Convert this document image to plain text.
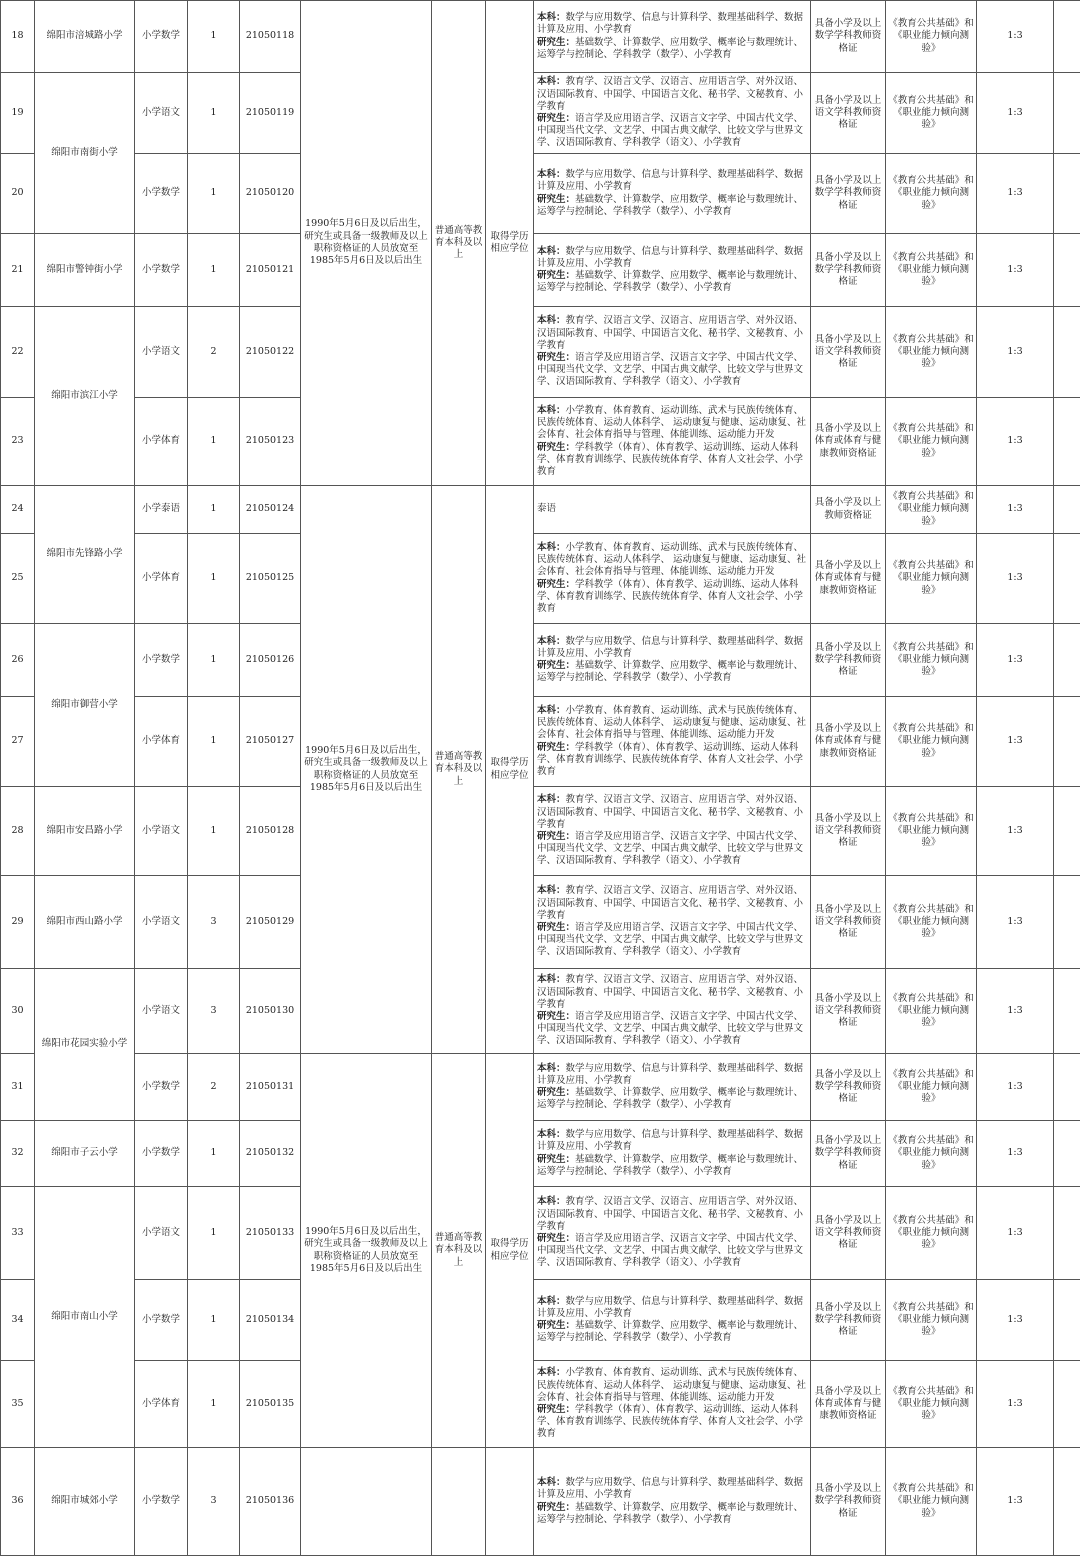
18	绵阳市涪城路小学	小学数学	1	21050118	1990年5月6日及以后出生，研究生或具备一级教师及以上职称资格证的人员放宽至1985年5月6日及以后出生	普通高等教育本科及以上	取得学历相应学位	本科：数学与应用数学、信息与计算科学、数理基础科学、数据计算及应用、小学教育
研究生：基础数学、计算数学、应用数学、概率论与数理统计、运筹学与控制论、学科教学（数学）、小学教育	具备小学及以上数学学科教师资格证	《教育公共基础》和《职业能力倾向测验》	1:3		
19	绵阳市南街小学	小学语文	1	21050119				本科：教育学、汉语言文学、汉语言、应用语言学、对外汉语、汉语国际教育、中国学、中国语言文化、秘书学、文秘教育、小学教育
研究生：语言学及应用语言学、汉语言文字学、中国古代文学、中国现当代文学、文艺学、中国古典文献学、比较文学与世界文学、汉语国际教育、学科教学（语文）、小学教育	具备小学及以上语文学科教师资格证	《教育公共基础》和《职业能力倾向测验》	1:3		
20		小学数学	1	21050120				本科：数学与应用数学、信息与计算科学、数理基础科学、数据计算及应用、小学教育
研究生：基础数学、计算数学、应用数学、概率论与数理统计、运筹学与控制论、学科教学（数学）、小学教育	具备小学及以上数学学科教师资格证	《教育公共基础》和《职业能力倾向测验》	1:3		
21	绵阳市警钟街小学	小学数学	1	21050121				本科：数学与应用数学、信息与计算科学、数理基础科学、数据计算及应用、小学教育
研究生：基础数学、计算数学、应用数学、概率论与数理统计、运筹学与控制论、学科教学（数学）、小学教育	具备小学及以上数学学科教师资格证	《教育公共基础》和《职业能力倾向测验》	1:3		
22	绵阳市滨江小学	小学语文	2	21050122				本科：教育学、汉语言文学、汉语言、应用语言学、对外汉语、汉语国际教育、中国学、中国语言文化、秘书学、文秘教育、小学教育
研究生：语言学及应用语言学、汉语言文字学、中国古代文学、中国现当代文学、文艺学、中国古典文献学、比较文学与世界文学、汉语国际教育、学科教学（语文）、小学教育	具备小学及以上语文学科教师资格证	《教育公共基础》和《职业能力倾向测验》	1:3		
23		小学体育	1	21050123				本科：小学教育、体育教育、运动训练、武术与民族传统体育、民族传统体育、运动人体科学、 运动康复与健康、运动康复、社会体育、社会体育指导与管理、体能训练、运动能力开发
研究生：学科教学（体育）、体育教学、运动训练、运动人体科学、体育教育训练学、民族传统体育学、体育人文社会学、小学教育	具备小学及以上体育或体育与健康教师资格证	《教育公共基础》和《职业能力倾向测验》	1:3		
24	绵阳市先锋路小学	小学泰语	1	21050124	1990年5月6日及以后出生，研究生或具备一级教师及以上职称资格证的人员放宽至1985年5月6日及以后出生	普通高等教育本科及以上	取得学历相应学位	泰语	具备小学及以上教师资格证	《教育公共基础》和《职业能力倾向测验》	1:3		
25		小学体育	1	21050125				本科：小学教育、体育教育、运动训练、武术与民族传统体育、民族传统体育、运动人体科学、 运动康复与健康、运动康复、社会体育、社会体育指导与管理、体能训练、运动能力开发
研究生：学科教学（体育）、体育教学、运动训练、运动人体科学、体育教育训练学、民族传统体育学、体育人文社会学、小学教育	具备小学及以上体育或体育与健康教师资格证	《教育公共基础》和《职业能力倾向测验》	1:3		
26	绵阳市御营小学	小学数学	1	21050126				本科：数学与应用数学、信息与计算科学、数理基础科学、数据计算及应用、小学教育
研究生：基础数学、计算数学、应用数学、概率论与数理统计、运筹学与控制论、学科教学（数学）、小学教育	具备小学及以上数学学科教师资格证	《教育公共基础》和《职业能力倾向测验》	1:3		
27		小学体育	1	21050127				本科：小学教育、体育教育、运动训练、武术与民族传统体育、民族传统体育、运动人体科学、 运动康复与健康、运动康复、社会体育、社会体育指导与管理、体能训练、运动能力开发
研究生：学科教学（体育）、体育教学、运动训练、运动人体科学、体育教育训练学、民族传统体育学、体育人文社会学、小学教育	具备小学及以上体育或体育与健康教师资格证	《教育公共基础》和《职业能力倾向测验》	1:3		
28	绵阳市安昌路小学	小学语文	1	21050128				本科：教育学、汉语言文学、汉语言、应用语言学、对外汉语、汉语国际教育、中国学、中国语言文化、秘书学、文秘教育、小学教育
研究生：语言学及应用语言学、汉语言文字学、中国古代文学、中国现当代文学、文艺学、中国古典文献学、比较文学与世界文学、汉语国际教育、学科教学（语文）、小学教育	具备小学及以上语文学科教师资格证	《教育公共基础》和《职业能力倾向测验》	1:3		
29	绵阳市西山路小学	小学语文	3	21050129				本科：教育学、汉语言文学、汉语言、应用语言学、对外汉语、汉语国际教育、中国学、中国语言文化、秘书学、文秘教育、小学教育
研究生：语言学及应用语言学、汉语言文字学、中国古代文学、中国现当代文学、文艺学、中国古典文献学、比较文学与世界文学、汉语国际教育、学科教学（语文）、小学教育	具备小学及以上语文学科教师资格证	《教育公共基础》和《职业能力倾向测验》	1:3		
30	绵阳市花园实验小学	小学语文	3	21050130				本科：教育学、汉语言文学、汉语言、应用语言学、对外汉语、汉语国际教育、中国学、中国语言文化、秘书学、文秘教育、小学教育
研究生：语言学及应用语言学、汉语言文字学、中国古代文学、中国现当代文学、文艺学、中国古典文献学、比较文学与世界文学、汉语国际教育、学科教学（语文）、小学教育	具备小学及以上语文学科教师资格证	《教育公共基础》和《职业能力倾向测验》	1:3		
31		小学数学	2	21050131	1990年5月6日及以后出生，研究生或具备一级教师及以上职称资格证的人员放宽至1985年5月6日及以后出生	普通高等教育本科及以上	取得学历相应学位	本科：数学与应用数学、信息与计算科学、数理基础科学、数据计算及应用、小学教育
研究生：基础数学、计算数学、应用数学、概率论与数理统计、运筹学与控制论、学科教学（数学）、小学教育	具备小学及以上数学学科教师资格证	《教育公共基础》和《职业能力倾向测验》	1:3		
32	绵阳市子云小学	小学数学	1	21050132				本科：数学与应用数学、信息与计算科学、数理基础科学、数据计算及应用、小学教育
研究生：基础数学、计算数学、应用数学、概率论与数理统计、运筹学与控制论、学科教学（数学）、小学教育	具备小学及以上数学学科教师资格证	《教育公共基础》和《职业能力倾向测验》	1:3		
33	绵阳市南山小学	小学语文	1	21050133				本科：教育学、汉语言文学、汉语言、应用语言学、对外汉语、汉语国际教育、中国学、中国语言文化、秘书学、文秘教育、小学教育
研究生：语言学及应用语言学、汉语言文字学、中国古代文学、中国现当代文学、文艺学、中国古典文献学、比较文学与世界文学、汉语国际教育、学科教学（语文）、小学教育	具备小学及以上语文学科教师资格证	《教育公共基础》和《职业能力倾向测验》	1:3		
34		小学数学	1	21050134				本科：数学与应用数学、信息与计算科学、数理基础科学、数据计算及应用、小学教育
研究生：基础数学、计算数学、应用数学、概率论与数理统计、运筹学与控制论、学科教学（数学）、小学教育	具备小学及以上数学学科教师资格证	《教育公共基础》和《职业能力倾向测验》	1:3		
35		小学体育	1	21050135				本科：小学教育、体育教育、运动训练、武术与民族传统体育、民族传统体育、运动人体科学、 运动康复与健康、运动康复、社会体育、社会体育指导与管理、体能训练、运动能力开发
研究生：学科教学（体育）、体育教学、运动训练、运动人体科学、体育教育训练学、民族传统体育学、体育人文社会学、小学教育	具备小学及以上体育或体育与健康教师资格证	《教育公共基础》和《职业能力倾向测验》	1:3		
36	绵阳市城郊小学	小学数学	3	21050136				本科：数学与应用数学、信息与计算科学、数理基础科学、数据计算及应用、小学教育
研究生：基础数学、计算数学、应用数学、概率论与数理统计、运筹学与控制论、学科教学（数学）、小学教育	具备小学及以上数学学科教师资格证	《教育公共基础》和《职业能力倾向测验》	1:3		
